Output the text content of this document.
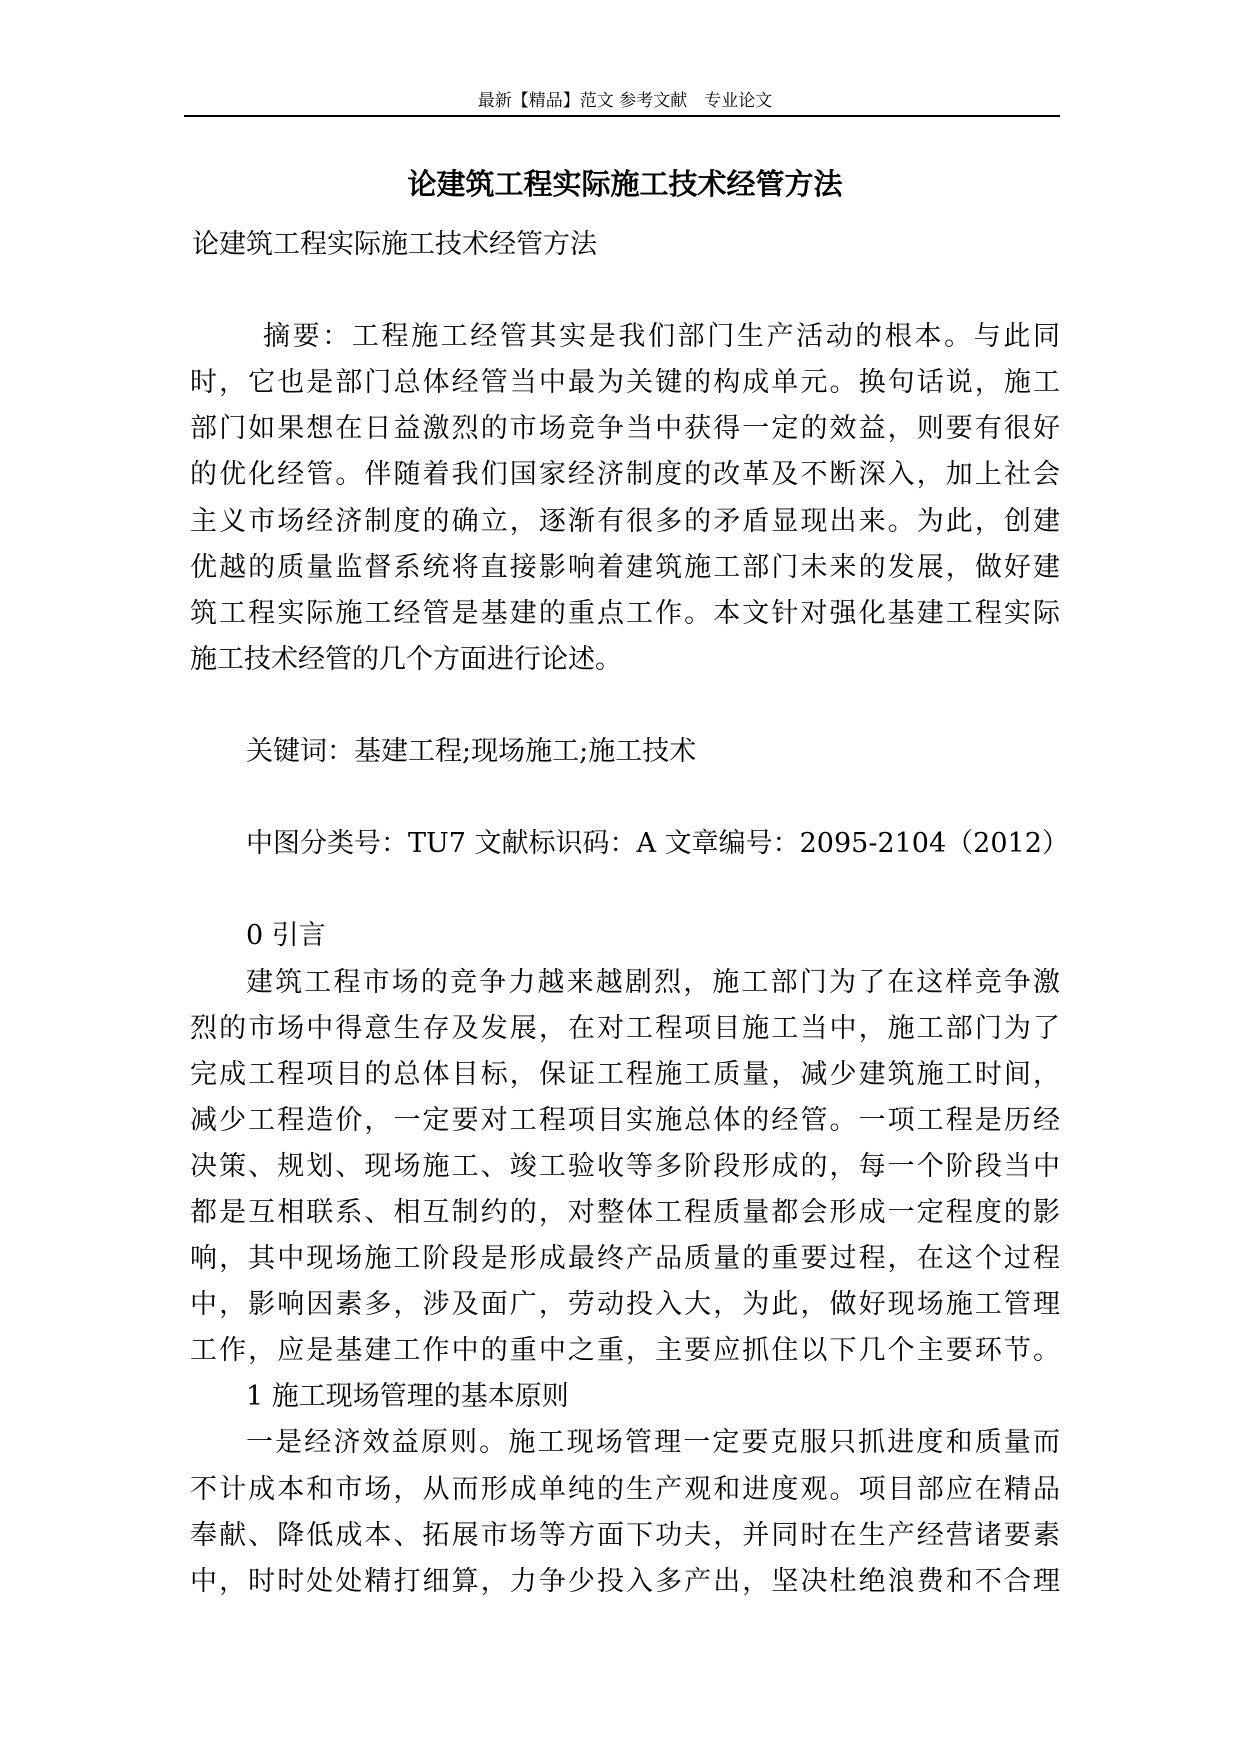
最新【精品】范文 参考文献　专业论文
论建筑工程实际施工技术经管方法
论建筑工程实际施工技术经管方法
摘要：工程施工经管其实是我们部门生产活动的根本。与此同
时，它也是部门总体经管当中最为关键的构成单元。换句话说，施工
部门如果想在日益激烈的市场竞争当中获得一定的效益，则要有很好
的优化经管。伴随着我们国家经济制度的改革及不断深入，加上社会
主义市场经济制度的确立，逐渐有很多的矛盾显现出来。为此，创建
优越的质量监督系统将直接影响着建筑施工部门未来的发展，做好建
筑工程实际施工经管是基建的重点工作。本文针对强化基建工程实际
施工技术经管的几个方面进行论述。
关键词：基建工程;现场施工;施工技术
中图分类号：TU7 文献标识码：A 文章编号：2095-2104（2012）
0 引言
建筑工程市场的竞争力越来越剧烈，施工部门为了在这样竞争激
烈的市场中得意生存及发展，在对工程项目施工当中，施工部门为了
完成工程项目的总体目标，保证工程施工质量，减少建筑施工时间，
减少工程造价，一定要对工程项目实施总体的经管。一项工程是历经
决策、规划、现场施工、竣工验收等多阶段形成的，每一个阶段当中
都是互相联系、相互制约的，对整体工程质量都会形成一定程度的影
响，其中现场施工阶段是形成最终产品质量的重要过程，在这个过程
中，影响因素多，涉及面广，劳动投入大，为此，做好现场施工管理
工作，应是基建工作中的重中之重，主要应抓住以下几个主要环节。
1 施工现场管理的基本原则
一是经济效益原则。施工现场管理一定要克服只抓进度和质量而
不计成本和市场，从而形成单纯的生产观和进度观。项目部应在精品
奉献、降低成本、拓展市场等方面下功夫，并同时在生产经营诸要素
中，时时处处精打细算，力争少投入多产出，坚决杜绝浪费和不合理
